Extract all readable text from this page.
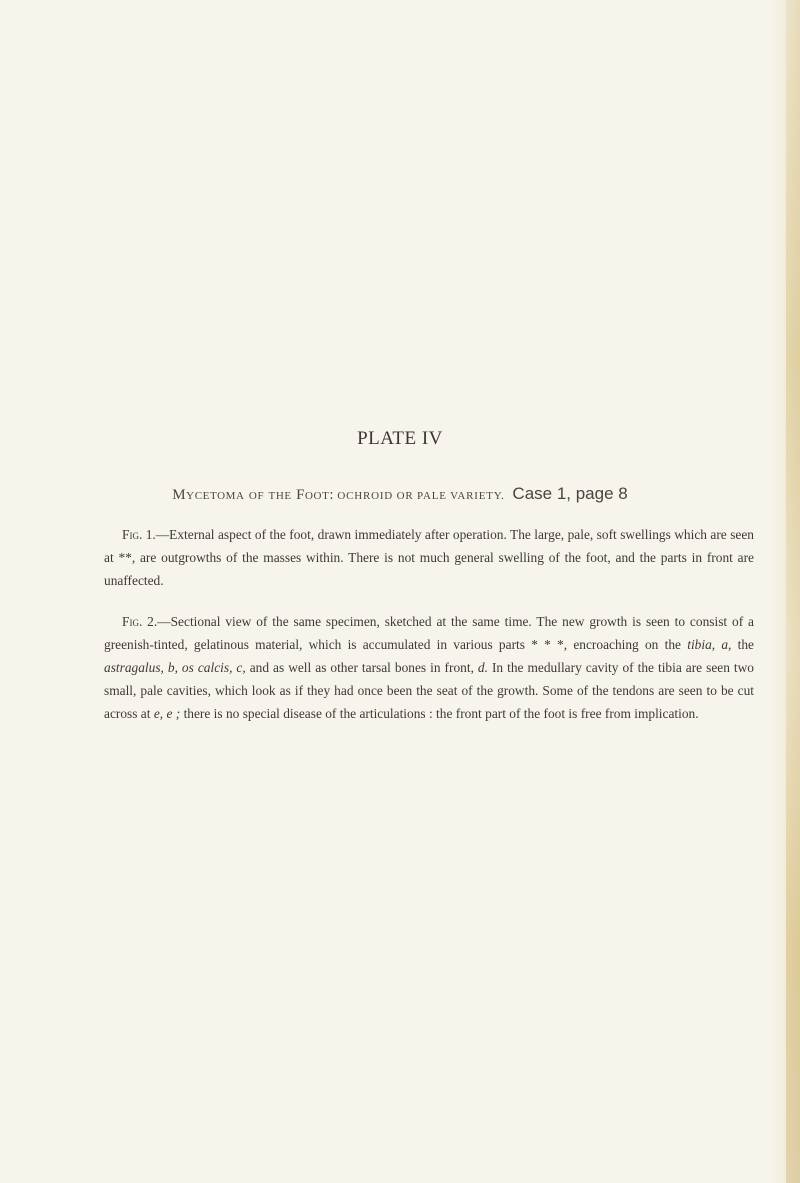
PLATE IV
Mycetoma of the Foot: OCHROID OR PALE VARIETY. Case 1, page 8
Fig. 1.—External aspect of the foot, drawn immediately after operation. The large, pale, soft swellings which are seen at **, are outgrowths of the masses within. There is not much general swelling of the foot, and the parts in front are unaffected.
Fig. 2.—Sectional view of the same specimen, sketched at the same time. The new growth is seen to consist of a greenish-tinted, gelatinous material, which is accumulated in various parts * * *, encroaching on the tibia, a, the astragalus, b, os calcis, c, and as well as other tarsal bones in front, d. In the medullary cavity of the tibia are seen two small, pale cavities, which look as if they had once been the seat of the growth. Some of the tendons are seen to be cut across at e, e ; there is no special disease of the articulations : the front part of the foot is free from implication.
